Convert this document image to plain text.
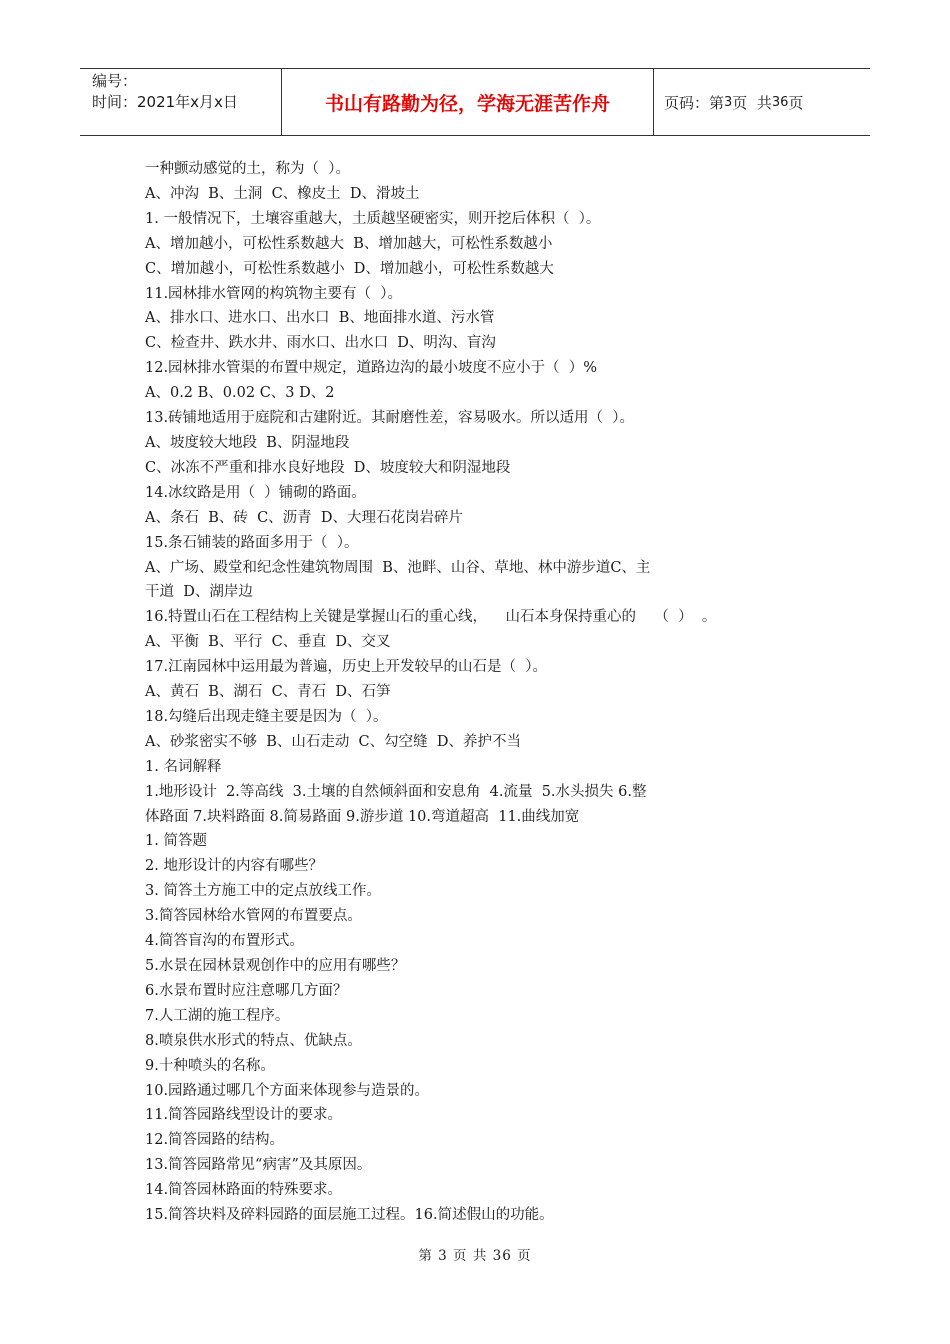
编号：
时间：2021年x月x日	书山有路勤为径，学海无涯苦作舟	页码：第 3 页  共 36 页
一种颤动感觉的土，称为（  ）。
A、冲沟  B、土洞  C、橡皮土  D、滑坡土
1. 一般情况下，土壤容重越大，土质越坚硬密实，则开挖后体积（  ）。
A、增加越小，可松性系数越大  B、增加越大，可松性系数越小
C、增加越小，可松性系数越小  D、增加越小，可松性系数越大
11.园林排水管网的构筑物主要有（  ）。
A、排水口、进水口、出水口  B、地面排水道、污水管
C、检查井、跌水井、雨水口、出水口  D、明沟、盲沟
12.园林排水管渠的布置中规定，道路边沟的最小坡度不应小于（  ）%
A、0.2 B、0.02 C、3 D、2
13.砖铺地适用于庭院和古建附近。其耐磨性差，容易吸水。所以适用（  ）。
A、坡度较大地段  B、阴湿地段
C、冰冻不严重和排水良好地段  D、坡度较大和阴湿地段
14.冰纹路是用（  ）铺砌的路面。
A、条石  B、砖  C、沥青  D、大理石花岗岩碎片
15.条石铺装的路面多用于（  ）。
A、广场、殿堂和纪念性建筑物周围  B、池畔、山谷、草地、林中游步道C、主
干道  D、湖岸边
16.特置山石在工程结构上关键是掌握山石的重心线，    山石本身保持重心的    （  ）  。
A、平衡  B、平行  C、垂直  D、交叉
17.江南园林中运用最为普遍，历史上开发较早的山石是（  ）。
A、黄石  B、湖石  C、青石  D、石笋
18.勾缝后出现走缝主要是因为（  ）。
A、砂浆密实不够  B、山石走动  C、勾空缝  D、养护不当
1. 名词解释
1.地形设计  2.等高线  3.土壤的自然倾斜面和安息角  4.流量  5.水头损失 6.整
体路面 7.块料路面 8.简易路面 9.游步道 10.弯道超高  11.曲线加宽
1. 简答题
2. 地形设计的内容有哪些？
3. 简答土方施工中的定点放线工作。
3.简答园林给水管网的布置要点。
4.简答盲沟的布置形式。
5.水景在园林景观创作中的应用有哪些？
6.水景布置时应注意哪几方面？
7.人工湖的施工程序。
8.喷泉供水形式的特点、优缺点。
9.十种喷头的名称。
10.园路通过哪几个方面来体现参与造景的。
11.简答园路线型设计的要求。
12.简答园路的结构。
13.简答园路常见“病害”及其原因。
14.简答园林路面的特殊要求。
15.简答块料及碎料园路的面层施工过程。16.简述假山的功能。
第 3 页 共 36 页
